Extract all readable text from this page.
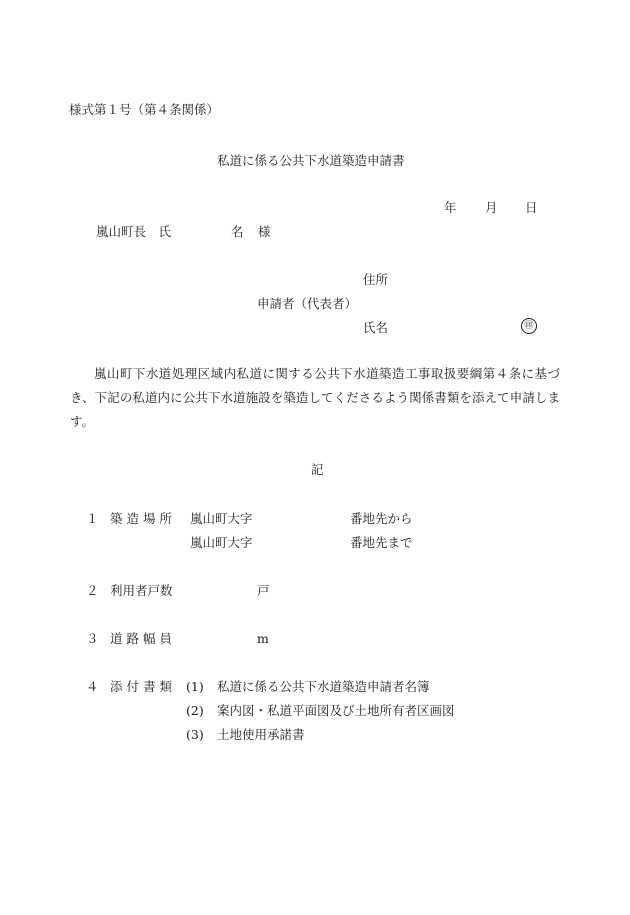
様式第１号（第４条関係）
私道に係る公共下水道築造申請書
年 月 日
嵐山町長　氏	名 様
住所
申請者（代表者）
氏名	㊞
嵐山町下水道処理区域内私道に関する公共下水道築造工事取扱要綱第４条に基づき、下記の私道内に公共下水道施設を築造してくださるよう関係書類を添えて申請します。
記
１ 築 造 場 所 嵐山町大字	番地先から
嵐山町大字	番地先まで
２ 利用者戸数	戸
３ 道 路 幅 員	m
４ 添 付 書 類 (1) 私道に係る公共下水道築造申請者名簿
(2) 案内図・私道平面図及び土地所有者区画図
(3) 土地使用承諾書
